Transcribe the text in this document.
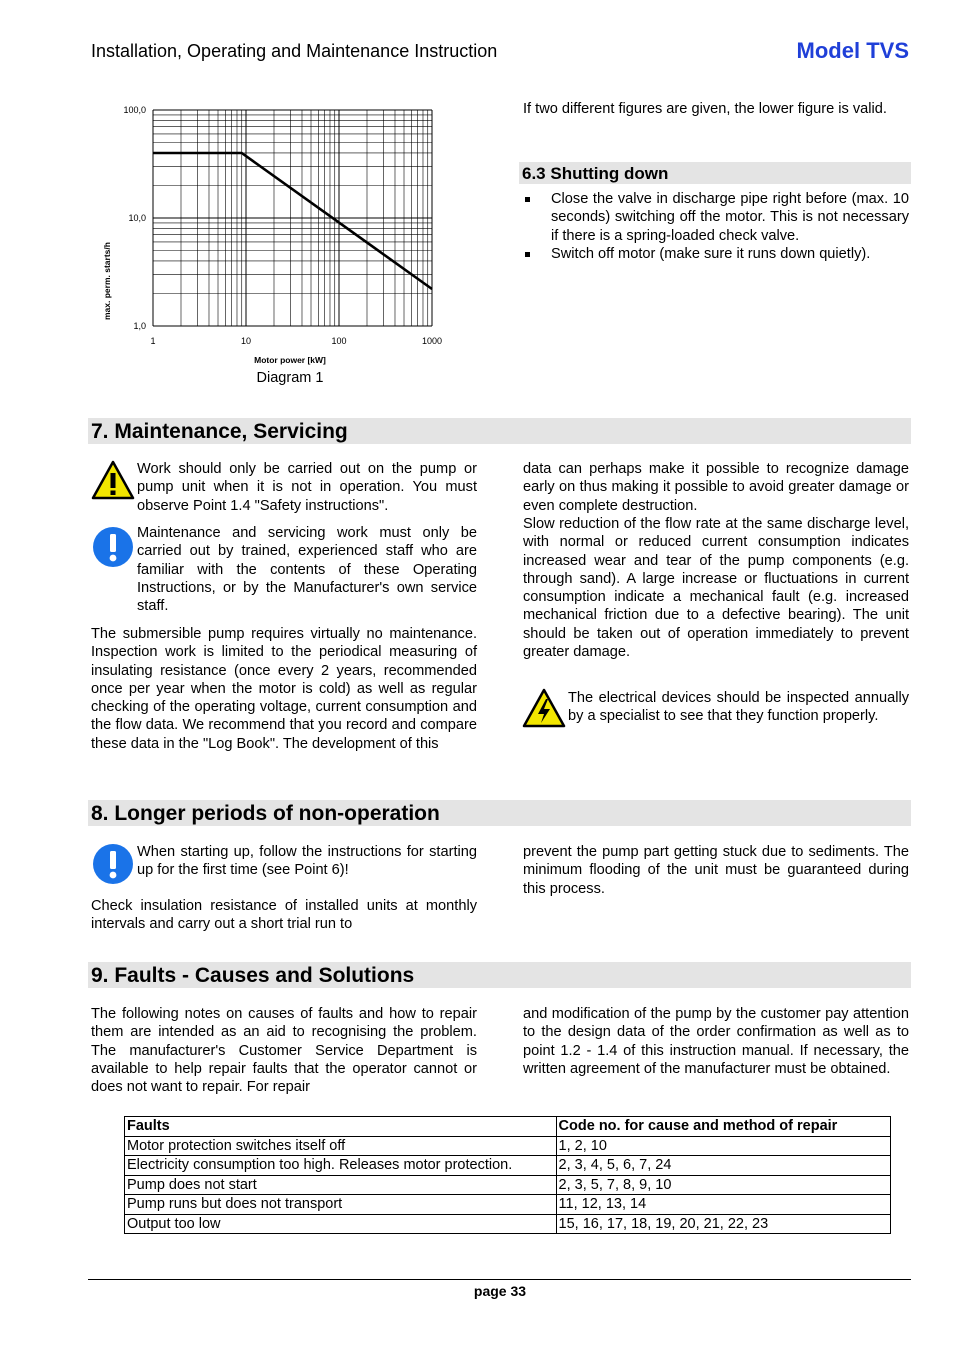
Installation, Operating and Maintenance Instruction	Model TVS
1	10	100	1000
1,0
10,0
100,0
max. perm. starts/h
Motor power [kW]
Diagram 1
If two different figures are given, the lower figure is valid.
6.3 Shutting down
Close the valve in discharge pipe right before (max. 10 seconds) switching off the motor. This is not necessary if there is a spring-loaded check valve.
Switch off motor (make sure it runs down quietly).
7. Maintenance, Servicing
Work should only be carried out on the pump or pump unit when it is not in operation. You must observe Point 1.4 "Safety instructions".
Maintenance and servicing work must only be carried out by trained, experienced staff who are familiar with the contents of these Operating Instructions, or by the Manufacturer's own service staff.
The submersible pump requires virtually no maintenance. Inspection work is limited to the periodical measuring of insulating resistance (once every 2 years, recommended once per year when the motor is cold) as well as regular checking of the operating voltage, current consumption and the flow data. We recommend that you record and compare these data in the "Log Book". The development of this
data can perhaps make it possible to recognize damage early on thus making it possible to avoid greater damage or even complete destruction.
Slow reduction of the flow rate at the same discharge level, with normal or reduced current consumption indicates increased wear and tear of the pump components (e.g. through sand). A large increase or fluctuations in current consumption indicate a mechanical fault (e.g. increased mechanical friction due to a defective bearing). The unit should be taken out of operation immediately to prevent greater damage.
The electrical devices should be inspected annually by a specialist to see that they function properly.
8. Longer periods of non-operation
When starting up, follow the instructions for starting up for the first time (see Point 6)!
Check insulation resistance of installed units at monthly intervals and carry out a short trial run to
prevent the pump part getting stuck due to sediments. The minimum flooding of the unit must be guaranteed during this process.
9. Faults - Causes and Solutions
The following notes on causes of faults and how to repair them are intended as an aid to recognising the problem. The manufacturer's Customer Service Department is available to help repair faults that the operator cannot or does not want to repair. For repair
and modification of the pump by the customer pay attention to the design data of the order confirmation as well as to point 1.2 - 1.4 of this instruction manual. If necessary, the written agreement of the manufacturer must be obtained.
Faults	Code no. for cause and method of repair
Motor protection switches itself off	1, 2, 10
Electricity consumption too high. Releases motor protection.	2, 3, 4, 5, 6, 7, 24
Pump does not start	2, 3, 5, 7, 8, 9, 10
Pump runs but does not transport	11, 12, 13, 14
Output too low	15, 16, 17, 18, 19, 20, 21, 22, 23
page 33
